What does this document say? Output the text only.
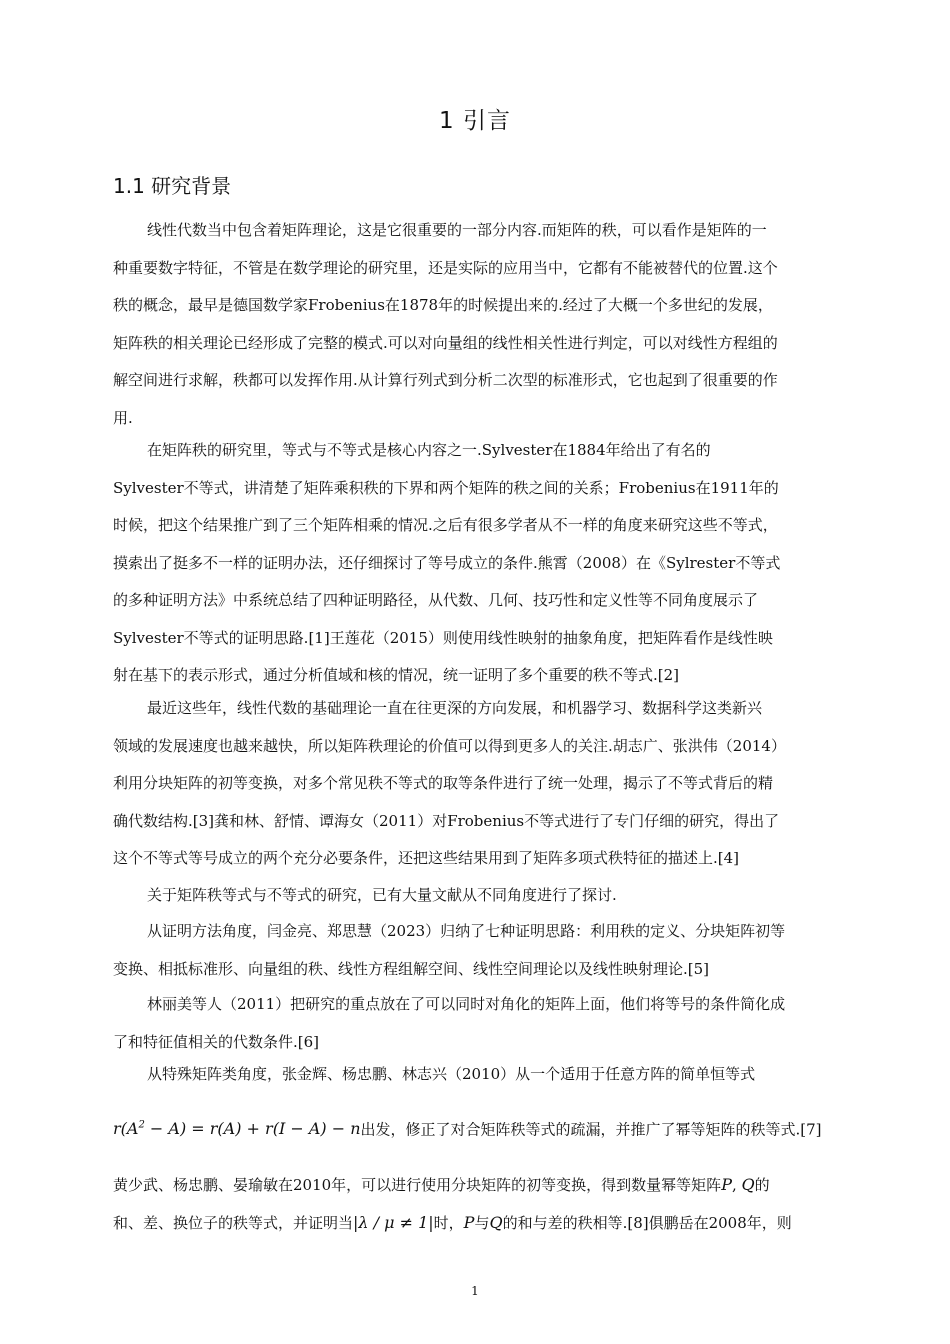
1 引言
1.1 研究背景
线性代数当中包含着矩阵理论，这是它很重要的一部分内容.而矩阵的秩，可以看作是矩阵的一
种重要数字特征，不管是在数学理论的研究里，还是实际的应用当中，它都有不能被替代的位置.这个
秩的概念，最早是德国数学家Frobenius在1878年的时候提出来的.经过了大概一个多世纪的发展，
矩阵秩的相关理论已经形成了完整的模式.可以对向量组的线性相关性进行判定，可以对线性方程组的
解空间进行求解，秩都可以发挥作用.从计算行列式到分析二次型的标准形式，它也起到了很重要的作
用.
在矩阵秩的研究里，等式与不等式是核心内容之一.Sylvester在1884年给出了有名的
Sylvester不等式，讲清楚了矩阵乘积秩的下界和两个矩阵的秩之间的关系；Frobenius在1911年的
时候，把这个结果推广到了三个矩阵相乘的情况.之后有很多学者从不一样的角度来研究这些不等式，
摸索出了挺多不一样的证明办法，还仔细探讨了等号成立的条件.熊霄（2008）在《Sylrester不等式
的多种证明方法》中系统总结了四种证明路径，从代数、几何、技巧性和定义性等不同角度展示了
Sylvester不等式的证明思路.[1]王莲花（2015）则使用线性映射的抽象角度，把矩阵看作是线性映
射在基下的表示形式，通过分析值域和核的情况，统一证明了多个重要的秩不等式.[2]
最近这些年，线性代数的基础理论一直在往更深的方向发展，和机器学习、数据科学这类新兴
领域的发展速度也越来越快，所以矩阵秩理论的价值可以得到更多人的关注.胡志广、张洪伟（2014）
利用分块矩阵的初等变换，对多个常见秩不等式的取等条件进行了统一处理，揭示了不等式背后的精
确代数结构.[3]龚和林、舒情、谭海女（2011）对Frobenius不等式进行了专门仔细的研究，得出了
这个不等式等号成立的两个充分必要条件，还把这些结果用到了矩阵多项式秩特征的描述上.[4]
关于矩阵秩等式与不等式的研究，已有大量文献从不同角度进行了探讨.
从证明方法角度，闫金亮、郑思慧（2023）归纳了七种证明思路：利用秩的定义、分块矩阵初等
变换、相抵标准形、向量组的秩、线性方程组解空间、线性空间理论以及线性映射理论.[5]
林丽美等人（2011）把研究的重点放在了可以同时对角化的矩阵上面，他们将等号的条件简化成
了和特征值相关的代数条件.[6]
从特殊矩阵类角度，张金辉、杨忠鹏、林志兴（2010）从一个适用于任意方阵的简单恒等式
$r(A^2 - A) = r(A) + r(I - A) - n$出发，修正了对合矩阵秩等式的疏漏，并推广了幂等矩阵的秩等式.[7]
黄少武、杨忠鹏、晏瑜敏在2010年，可以进行使用分块矩阵的初等变换，得到数量幂等矩阵P, Q的
和、差、换位子的秩等式，并证明当|λ / μ ≠ 1|时，P与Q的和与差的秩相等.[8]俱鹏岳在2008年，则
1
